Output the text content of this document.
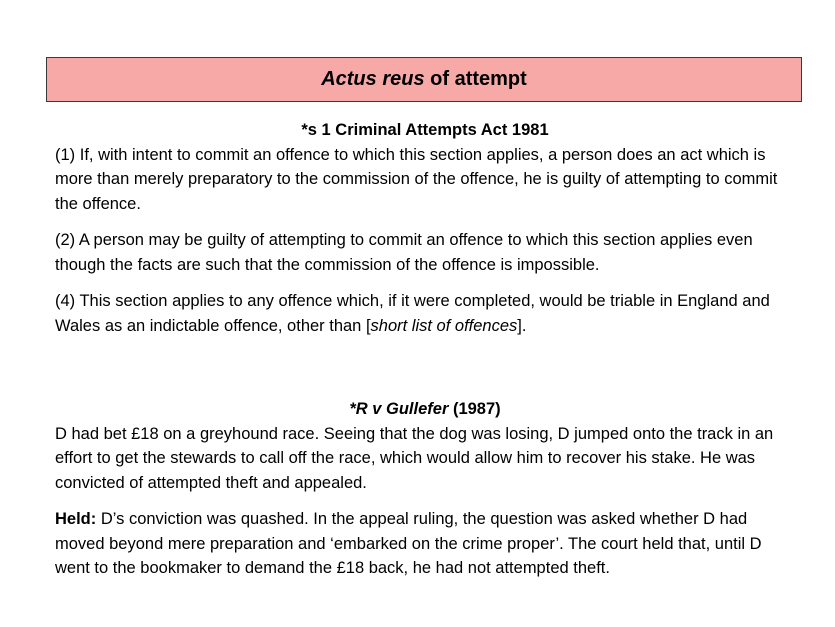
Actus reus of attempt

*s 1 Criminal Attempts Act 1981

(1) If, with intent to commit an offence to which this section applies, a person does an act which is more than merely preparatory to the commission of the offence, he is guilty of attempting to commit the offence.

(2) A person may be guilty of attempting to commit an offence to which this section applies even though the facts are such that the commission of the offence is impossible.

(4) This section applies to any offence which, if it were completed, would be triable in England and Wales as an indictable offence, other than [short list of offences].

*R v Gullefer (1987)

D had bet £18 on a greyhound race. Seeing that the dog was losing, D jumped onto the track in an effort to get the stewards to call off the race, which would allow him to recover his stake. He was convicted of attempted theft and appealed.

Held: D’s conviction was quashed. In the appeal ruling, the question was asked whether D had moved beyond mere preparation and ‘embarked on the crime proper’. The court held that, until D went to the bookmaker to demand the £18 back, he had not attempted theft.
